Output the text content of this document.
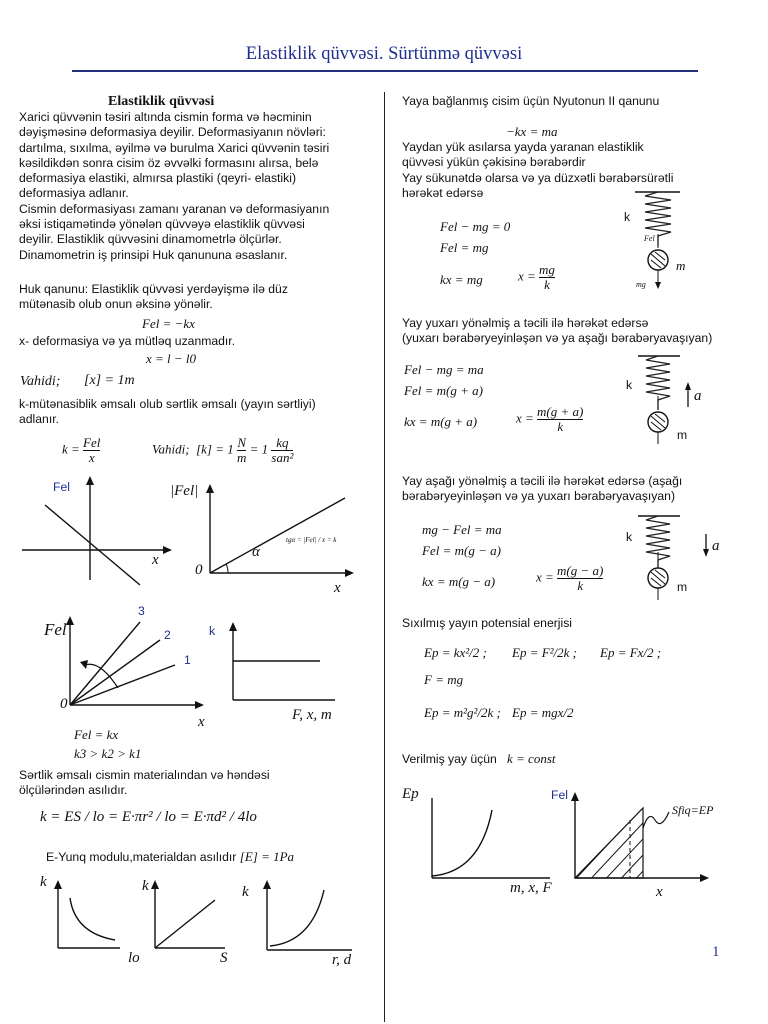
Elastiklik qüvvəsi. Sürtünmə qüvvəsi
Elastiklik qüvvəsi
Xarici qüvvənin təsiri altında cismin forma və həcminin
dəyişməsinə deformasiya deyilir. Deformasiyanın növləri:
dartılma, sıxılma, əyilmə və burulma Xarici qüvvənin təsiri
kəsildikdən sonra cisim öz əvvəlki formasını alırsa, belə
deformasiya elastiki, almırsa plastiki (qeyri- elastiki)
deformasiya adlanır.
Cismin deformasiyası zamanı yaranan və deformasiyanın
əksi istiqamətində yönələn qüvvəyə elastiklik qüvvəsi
deyilir. Elastiklik qüvvəsini dinamometrlə ölçürlər.
Dinamometrin iş prinsipi Huk qanununa əsaslanır.
Huk qanunu: Elastiklik qüvvəsi yerdəyişmə ilə düz
mütənasib olub onun əksinə yönəlir.
Fel = −kx
x- deformasiya və ya mütləq uzanmadır.
x = l − l0
Vahidi; [x] = 1m
k-mütənasiblik əmsalı olub sərtlik əmsalı (yayın sərtliyi)
adlanır.
$k = \frac{\text{Fel}}{x}$	Vahidi; $[k] = 1 \frac{N}{m} = 1 \frac{kq}{\text{san²}}$
Fel
x
|Fel|
0
x
α
tgα = |Fel| / x = k
Fel
0
x
3
2
1
k
F, x, m
Fel = kx
k3 > k2 > k1
Sərtlik əmsalı cismin materialından və həndəsi
ölçülərindən asılıdır.
k = ES / lo = E·πr² / lo = E·πd² / 4lo
E-Yunq modulu,materialdan asılıdır [E] = 1Pa
k
lo
k
S
k
r, d
Yaya bağlanmış cisim üçün Nyutonun II qanunu
−kx = ma
Yaydan yük asılarsa yayda yaranan elastiklik
qüvvəsi yükün çəkisinə bərabərdir
Yay sükunətdə olarsa və ya düzxətli bərabərsürətli
hərəkət edərsə
Fel − mg = 0
Fel = mg
kx = mg	$x = \frac{mg}{k}$
k
m
Fel
mg
Yay yuxarı yönəlmiş a təcili ilə hərəkət edərsə
(yuxarı bərabəryeyinləşən və ya aşağı bərabəryavaşıyan)
Fel − mg = ma
Fel = m(g + a)
kx = m(g + a)	$x = \frac{m(g + a)}{k}$
k
m
a
Yay aşağı yönəlmiş a təcili ilə hərəkət edərsə (aşağı
bərabəryeyinləşən və ya yuxarı bərabəryavaşıyan)
mg − Fel = ma
Fel = m(g − a)
kx = m(g − a)	$x = \frac{m(g - a)}{k}$
k
m
a
Sıxılmış yayın potensial enerjisi
Ep = kx²/2 ; Ep = F²/2k ; Ep = Fx/2 ;
F = mg
Ep = m²g²/2k ; Ep = mgx/2
Verilmiş yay üçün k = const
Ep
m, x, F
Fel
x
Sfiq=EP
1
